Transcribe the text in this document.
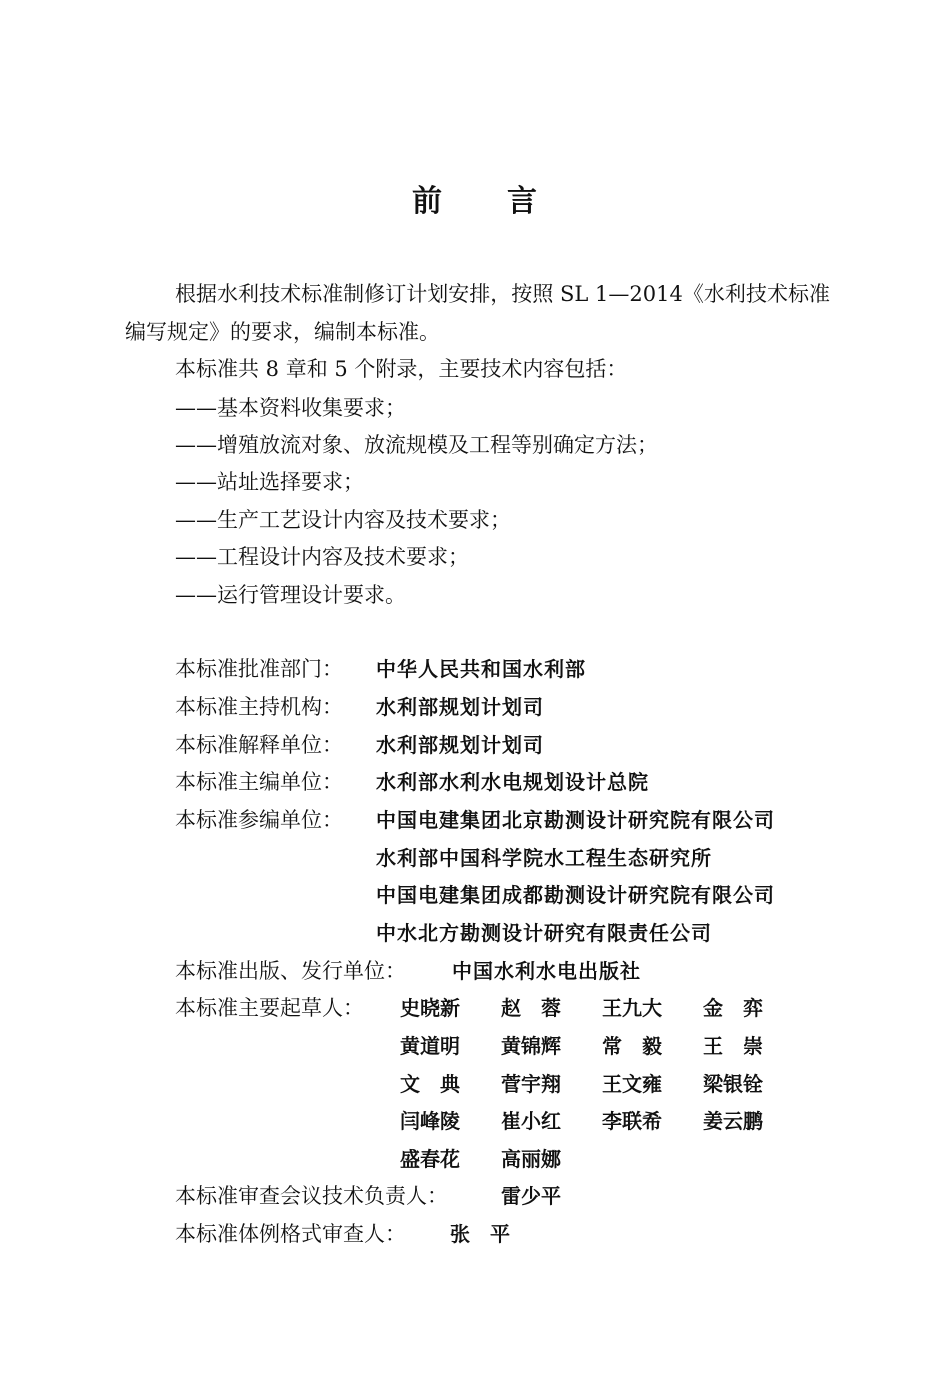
前 言
根据水利技术标准制修订计划安排，按照 SL 1—2014《水利技术标准编写规定》的要求，编制本标准。
本标准共 8 章和 5 个附录，主要技术内容包括：
——基本资料收集要求；
——增殖放流对象、放流规模及工程等别确定方法；
——站址选择要求；
——生产工艺设计内容及技术要求；
——工程设计内容及技术要求；
——运行管理设计要求。
本标准批准部门： 中华人民共和国水利部
本标准主持机构： 水利部规划计划司
本标准解释单位： 水利部规划计划司
本标准主编单位： 水利部水利水电规划设计总院
本标准参编单位： 中国电建集团北京勘测设计研究院有限公司
水利部中国科学院水工程生态研究所
中国电建集团成都勘测设计研究院有限公司
中水北方勘测设计研究有限责任公司
本标准出版、发行单位： 中国水利水电出版社
本标准主要起草人： 史晓新 赵　蓉 王九大 金　弈
黄道明 黄锦辉 常　毅 王　崇
文　典 菅宇翔 王文雍 梁银铨
闫峰陵 崔小红 李联希 姜云鹏
盛春花 高丽娜
本标准审查会议技术负责人：	雷少平
本标准体例格式审查人： 张　平
